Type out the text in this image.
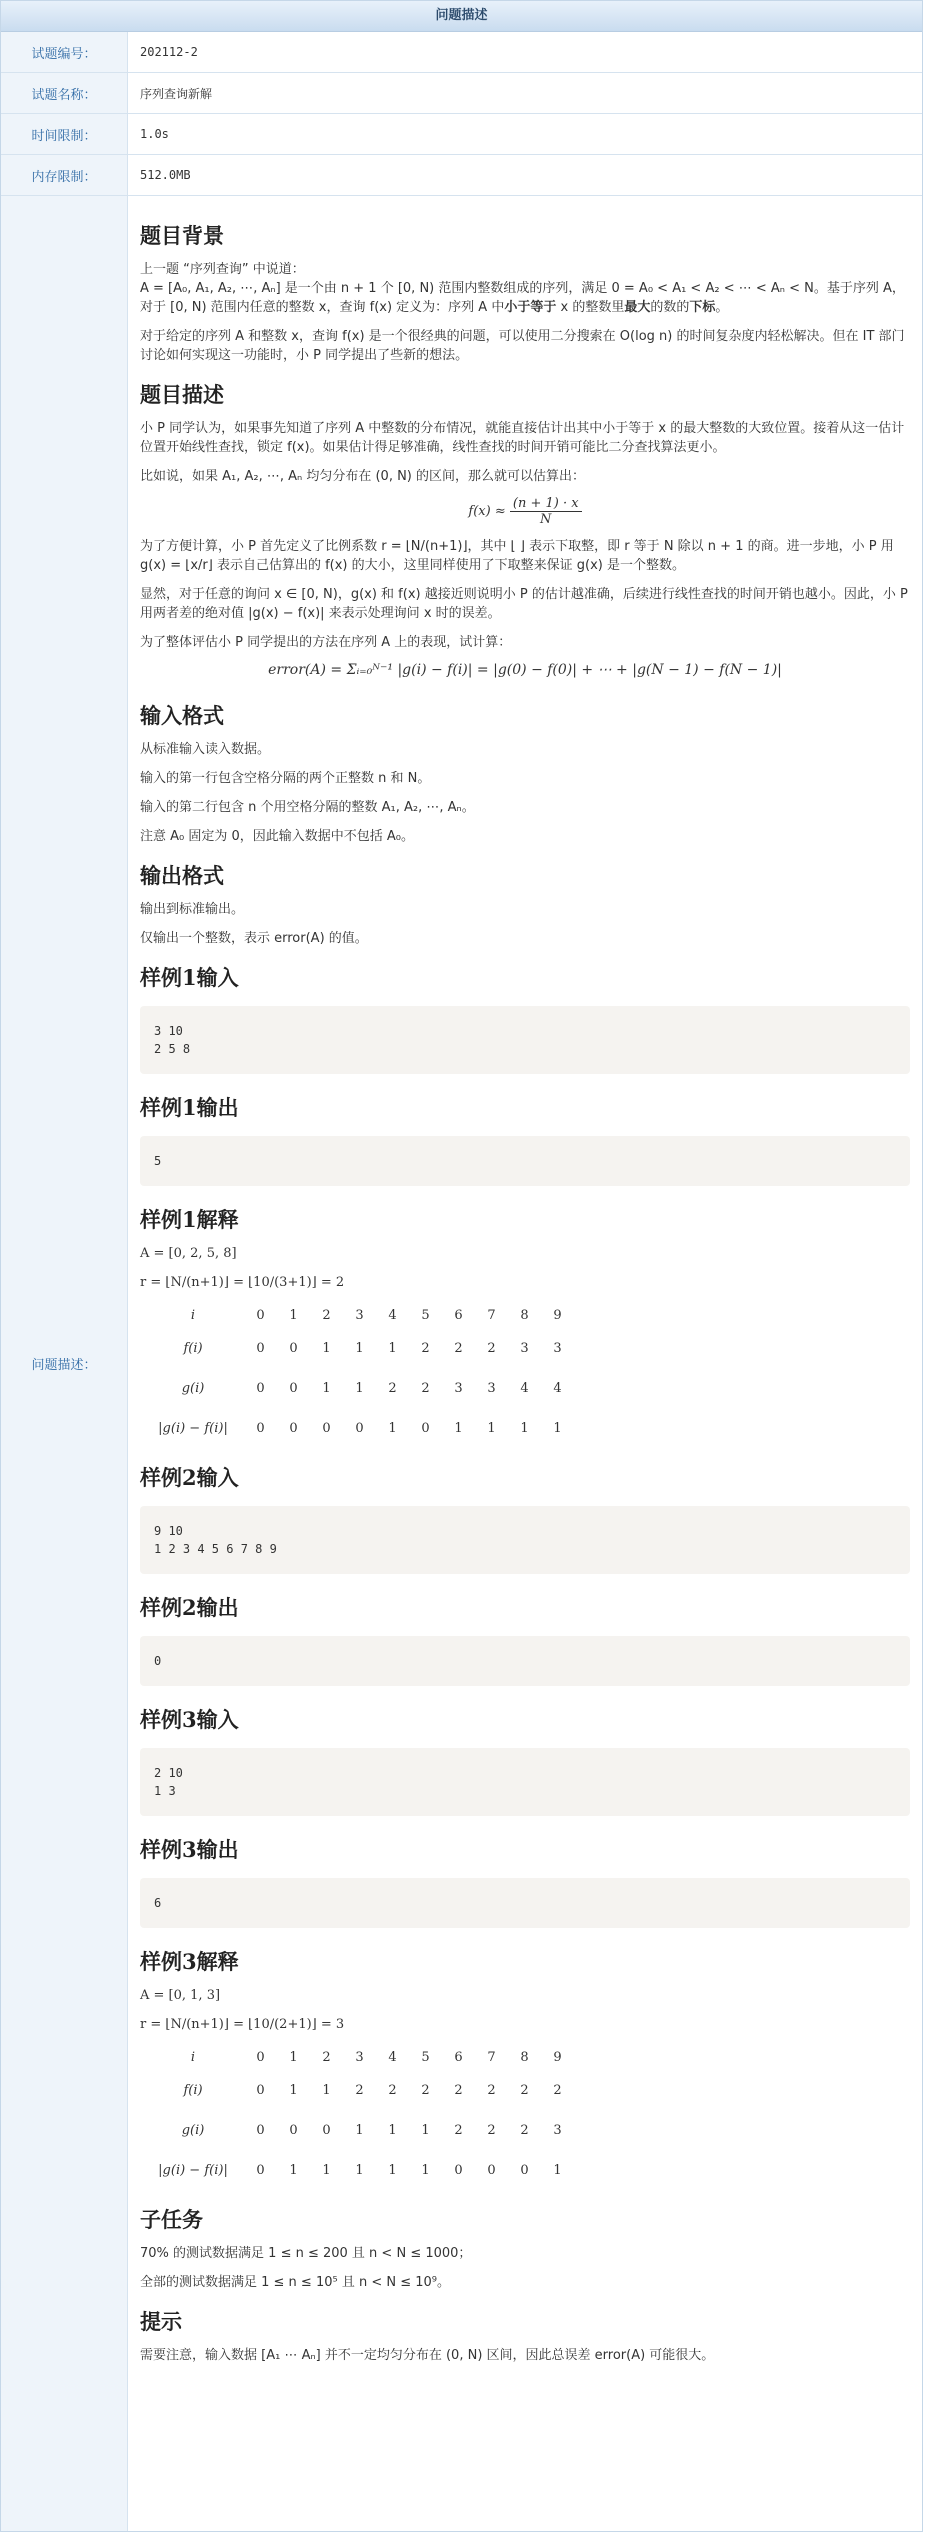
问题描述
试题编号：	202112-2
试题名称：	序列查询新解
时间限制：	1.0s
内存限制：	512.0MB
问题描述：
题目背景

上一题 “序列查询” 中说道：
A = [A₀, A₁, A₂, ⋯, Aₙ] 是一个由 n + 1 个 [0, N) 范围内整数组成的序列，满足 0 = A₀ < A₁ < A₂ < ⋯ < Aₙ < N。基于序列 A，对于 [0, N) 范围内任意的整数 x，查询 f(x) 定义为：序列 A 中小于等于 x 的整数里最大的数的下标。

对于给定的序列 A 和整数 x，查询 f(x) 是一个很经典的问题，可以使用二分搜索在 O(log n) 的时间复杂度内轻松解决。但在 IT 部门讨论如何实现这一功能时，小 P 同学提出了些新的想法。

题目描述

小 P 同学认为，如果事先知道了序列 A 中整数的分布情况，就能直接估计出其中小于等于 x 的最大整数的大致位置。接着从这一估计位置开始线性查找，锁定 f(x)。如果估计得足够准确，线性查找的时间开销可能比二分查找算法更小。

比如说，如果 A₁, A₂, ⋯, Aₙ 均匀分布在 (0, N) 的区间，那么就可以估算出：

$f(x) \approx \frac{(n + 1) \cdot x}{N}$

为了方便计算，小 P 首先定义了比例系数 r = ⌊N/(n+1)⌋，其中 ⌊ ⌋ 表示下取整，即 r 等于 N 除以 n + 1 的商。进一步地，小 P 用 g(x) = ⌊x/r⌋ 表示自己估算出的 f(x) 的大小，这里同样使用了下取整来保证 g(x) 是一个整数。

显然，对于任意的询问 x ∈ [0, N)，g(x) 和 f(x) 越接近则说明小 P 的估计越准确，后续进行线性查找的时间开销也越小。因此，小 P 用两者差的绝对值 |g(x) − f(x)| 来表示处理询问 x 时的误差。

为了整体评估小 P 同学提出的方法在序列 A 上的表现，试计算：

error(A) = Σᵢ₌₀ᴺ⁻¹ |g(i) − f(i)| = |g(0) − f(0)| + ⋯ + |g(N − 1) − f(N − 1)|
输入格式

从标准输入读入数据。

输入的第一行包含空格分隔的两个正整数 n 和 N。

输入的第二行包含 n 个用空格分隔的整数 A₁, A₂, ⋯, Aₙ。

注意 A₀ 固定为 0，因此输入数据中不包括 A₀。

输出格式

输出到标准输出。

仅输出一个整数，表示 error(A) 的值。

样例1输入
3 10
2 5 8
样例1输出
5
样例1解释

A = [0, 2, 5, 8]

r = ⌊N/(n+1)⌋ = ⌊10/(3+1)⌋ = 2

i	0	1	2	3	4	5	6	7	8	9
f(i)	0	0	1	1	1	2	2	2	3	3
g(i)	0	0	1	1	2	2	3	3	4	4
|g(i) − f(i)|	0	0	0	0	1	0	1	1	1	1
样例2输入
9 10
1 2 3 4 5 6 7 8 9
样例2输出
0
样例3输入
2 10
1 3
样例3输出
6
样例3解释

A = [0, 1, 3]

r = ⌊N/(n+1)⌋ = ⌊10/(2+1)⌋ = 3

i	0	1	2	3	4	5	6	7	8	9
f(i)	0	1	1	2	2	2	2	2	2	2
g(i)	0	0	0	1	1	1	2	2	2	3
|g(i) − f(i)|	0	1	1	1	1	1	0	0	0	1
子任务

70% 的测试数据满足 1 ≤ n ≤ 200 且 n < N ≤ 1000；

全部的测试数据满足 1 ≤ n ≤ 10⁵ 且 n < N ≤ 10⁹。

提示

需要注意，输入数据 [A₁ ⋯ Aₙ] 并不一定均匀分布在 (0, N) 区间，因此总误差 error(A) 可能很大。
